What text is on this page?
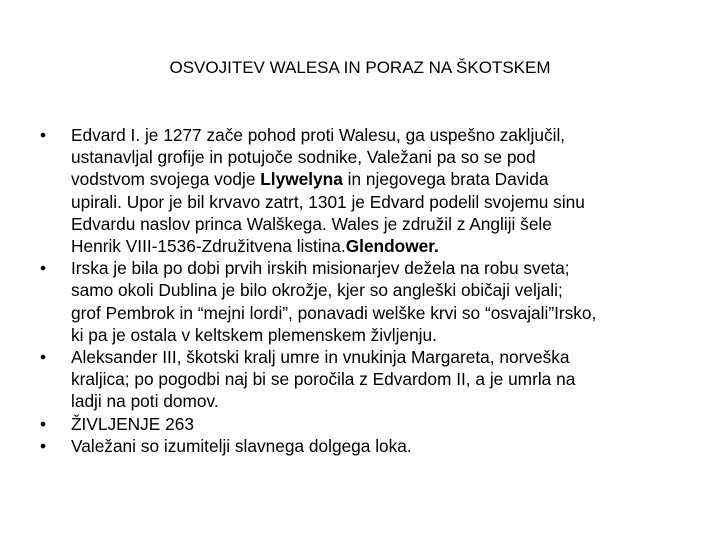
OSVOJITEV WALESA IN PORAZ NA ŠKOTSKEM
•	Edvard I. je 1277 zače pohod proti Walesu, ga uspešno zaključil,
ustanavljal grofije in potujoče sodnike, Valežani pa so se pod
vodstvom svojega vodje Llywelyna in njegovega brata Davida
upirali. Upor je bil krvavo zatrt, 1301 je Edvard podelil svojemu sinu
Edvardu naslov princa Walškega. Wales je združil z Angliji šele
Henrik VIII-1536-Združitvena listina.Glendower.
•	Irska je bila po dobi prvih irskih misionarjev dežela na robu sveta;
samo okoli Dublina je bilo okrožje, kjer so angleški običaji veljali;
grof Pembrok in “mejni lordi”, ponavadi welške krvi so “osvajali”Irsko,
ki pa je ostala v keltskem plemenskem življenju.
•	Aleksander III, škotski kralj umre in vnukinja Margareta, norveška
kraljica; po pogodbi naj bi se poročila z Edvardom II, a je umrla na
ladji na poti domov.
•	ŽIVLJENJE 263
•	Valežani so izumitelji slavnega dolgega loka.
